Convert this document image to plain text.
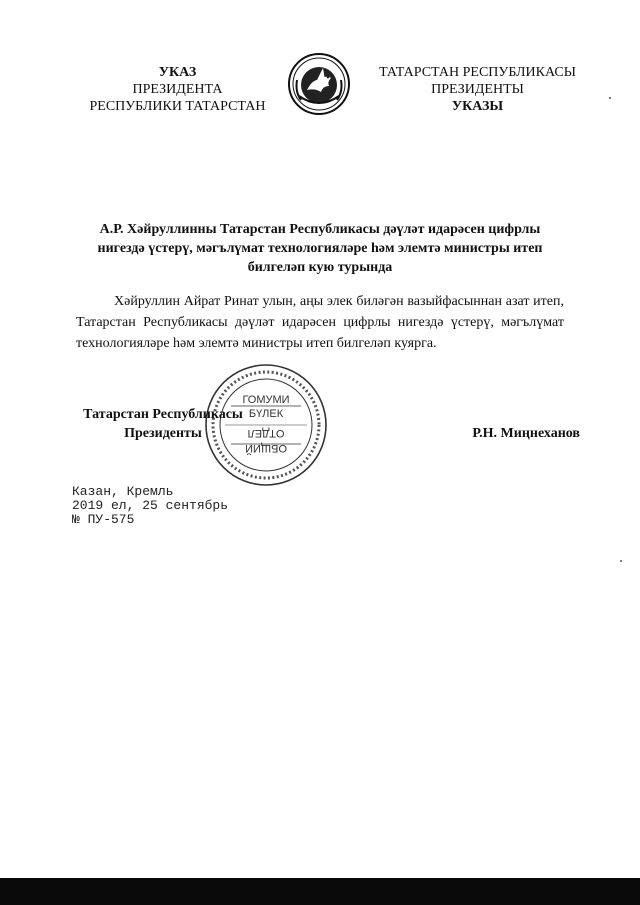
УКАЗ
ПРЕЗИДЕНТА
РЕСПУБЛИКИ ТАТАРСТАН
ТАТАРСТАН РЕСПУБЛИКАСЫ
ПРЕЗИДЕНТЫ
УКАЗЫ
А.Р. Хәйруллинны Татарстан Республикасы дәүләт идарәсен цифрлы
нигездә үстерү, мәгълүмат технологияләре һәм элемтә министры итеп
билгеләп кую турында
Хәйруллин Айрат Ринат улын, аңы элек биләгән вазыйфасыннан азат итеп, Татарстан Республикасы дәүләт идарәсен цифрлы нигездә үстерү, мәгълүмат технологияләре һәм элемтә министры итеп билгеләп куярга.
ГОМУМИ
БҮЛЕК
ОТДЕЛ
ОБЩИЙ
Татарстан Республикасы
Президенты	Р.Н. Миңнеханов
Казан, Кремль
2019 ел, 25 сентябрь
№ ПУ-575
